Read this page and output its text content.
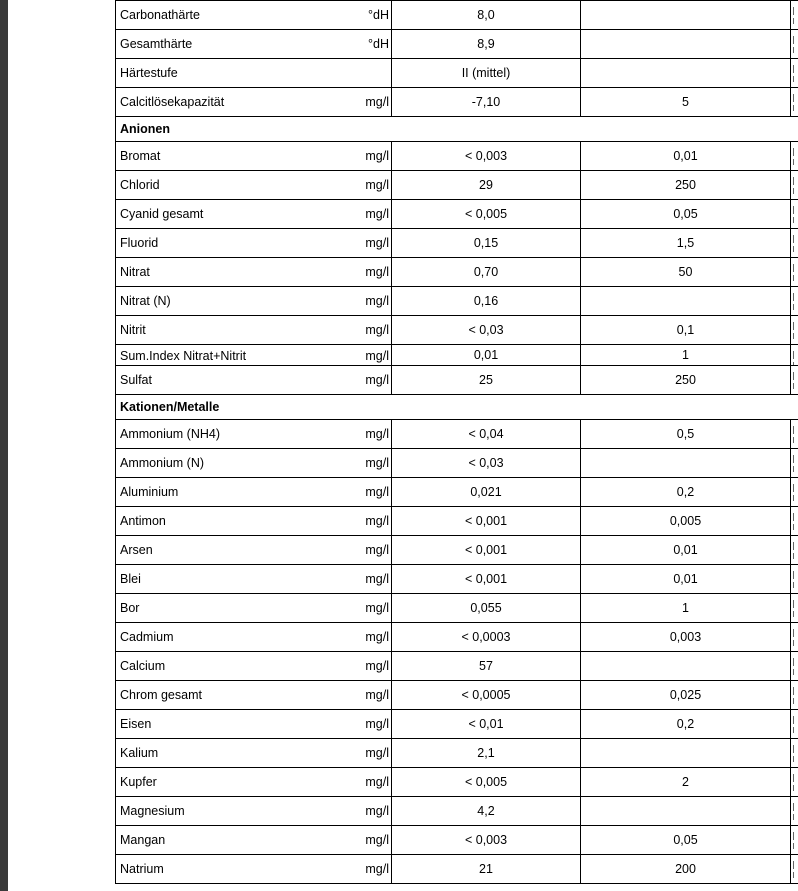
Carbonathärte °dH	8,0		

Gesamthärte °dH	8,9		

Härtestufe	II (mittel)		

Calcitlösekapazität mg/l	-7,10	5	
Anionen			

Bromat mg/l	< 0,003	0,01	

Chlorid mg/l	29	250	

Cyanid gesamt mg/l	< 0,005	0,05	

Fluorid mg/l	0,15	1,5	

Nitrat mg/l	0,70	50	

Nitrat (N) mg/l	0,16		

Nitrit mg/l	< 0,03	0,1	

Sum.Index Nitrat+Nitrit mg/l	0,01	1	

Sulfat mg/l	25	250	
Kationen/Metalle			

Ammonium (NH4) mg/l	< 0,04	0,5	

Ammonium (N) mg/l	< 0,03		

Aluminium mg/l	0,021	0,2	

Antimon mg/l	< 0,001	0,005	

Arsen mg/l	< 0,001	0,01	

Blei mg/l	< 0,001	0,01	

Bor mg/l	0,055	1	

Cadmium mg/l	< 0,0003	0,003	

Calcium mg/l	57		

Chrom gesamt mg/l	< 0,0005	0,025	

Eisen mg/l	< 0,01	0,2	

Kalium mg/l	2,1		

Kupfer mg/l	< 0,005	2	

Magnesium mg/l	4,2		

Mangan mg/l	< 0,003	0,05	

Natrium mg/l	21	200	
